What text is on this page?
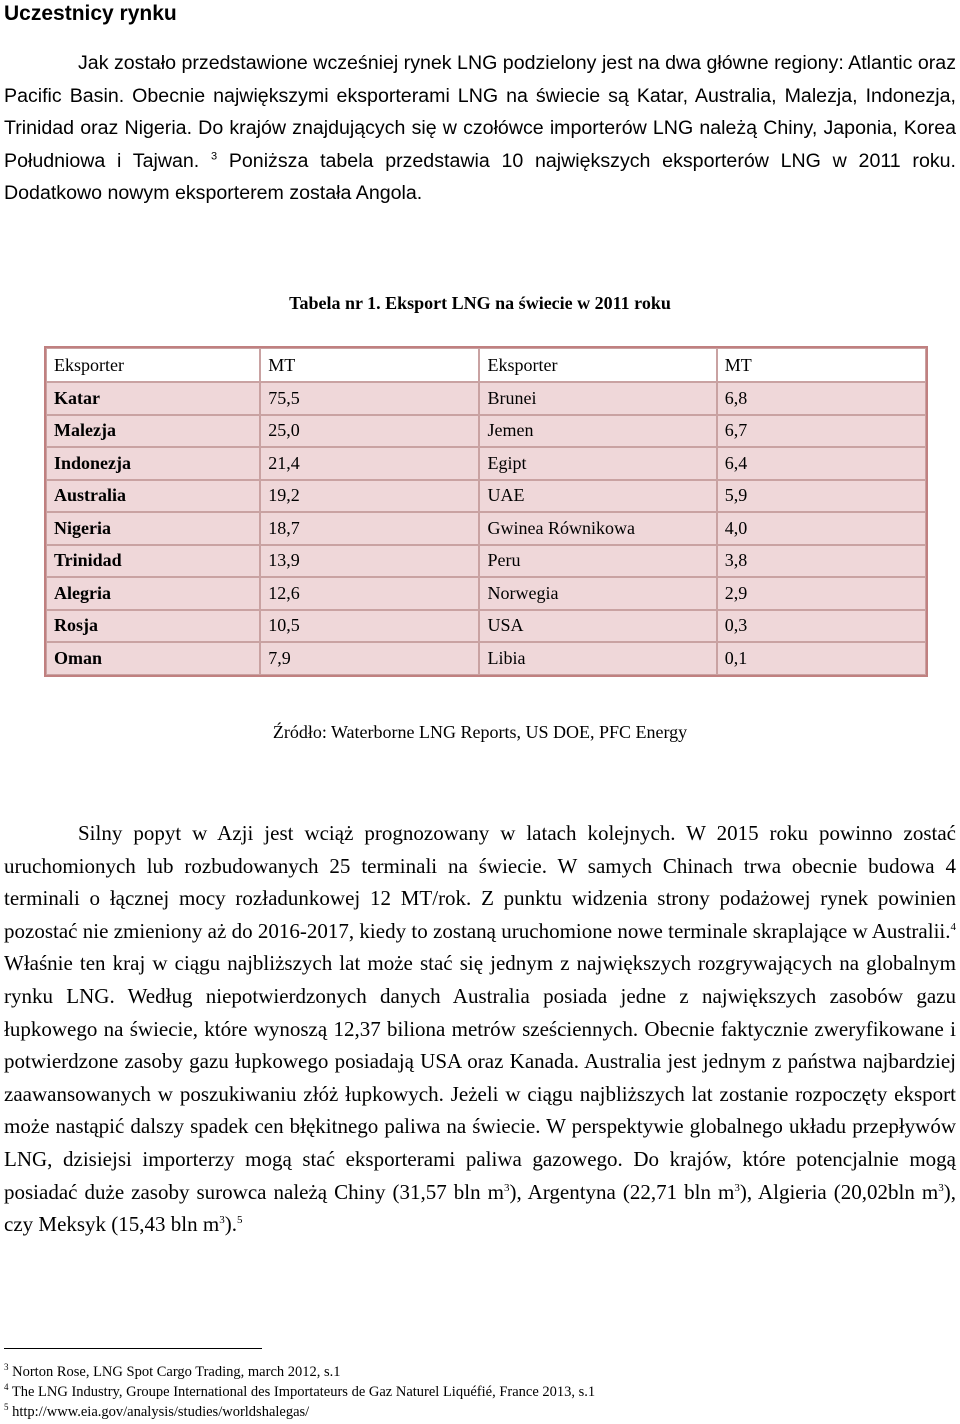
Uczestnicy rynku

Jak zostało przedstawione wcześniej rynek LNG podzielony jest na dwa główne regiony: Atlantic oraz Pacific Basin. Obecnie największymi eksporterami LNG na świecie są Katar, Australia, Malezja, Indonezja, Trinidad oraz Nigeria. Do krajów znajdujących się w czołówce importerów LNG należą Chiny, Japonia, Korea Południowa i Tajwan. $^3$ Poniższa tabela przedstawia 10 największych eksporterów LNG w 2011 roku. Dodatkowo nowym eksporterem została Angola.

Tabela nr 1. Eksport LNG na świecie w 2011 roku
Eksporter	MT	Eksporter	MT
Katar	75,5	Brunei	6,8
Malezja	25,0	Jemen	6,7
Indonezja	21,4	Egipt	6,4
Australia	19,2	UAE	5,9
Nigeria	18,7	Gwinea Równikowa	4,0
Trinidad	13,9	Peru	3,8
Alegria	12,6	Norwegia	2,9
Rosja	10,5	USA	0,3
Oman	7,9	Libia	0,1
Źródło: Waterborne LNG Reports, US DOE, PFC Energy

Silny popyt w Azji jest wciąż prognozowany w latach kolejnych. W 2015 roku powinno zostać uruchomionych lub rozbudowanych 25 terminali na świecie. W samych Chinach trwa obecnie budowa 4 terminali o łącznej mocy rozładunkowej 12 MT/rok. Z punktu widzenia strony podażowej rynek powinien pozostać nie zmieniony aż do 2016-2017, kiedy to zostaną uruchomione nowe terminale skraplające w Australii.$^4$ Właśnie ten kraj w ciągu najbliższych lat może stać się jednym z największych rozgrywających na globalnym rynku LNG. Według niepotwierdzonych danych Australia posiada jedne z największych zasobów gazu łupkowego na świecie, które wynoszą 12,37 biliona metrów sześciennych. Obecnie faktycznie zweryfikowane i potwierdzone zasoby gazu łupkowego posiadają USA oraz Kanada. Australia jest jednym z państwa najbardziej zaawansowanych w poszukiwaniu złóż łupkowych. Jeżeli w ciągu najbliższych lat zostanie rozpoczęty eksport może nastąpić dalszy spadek cen błękitnego paliwa na świecie. W perspektywie globalnego układu przepływów LNG, dzisiejsi importerzy mogą stać eksporterami paliwa gazowego. Do krajów, które potencjalnie mogą posiadać duże zasoby surowca należą Chiny (31,57 bln $m^3$), Argentyna (22,71 bln $m^3$), Algieria (20,02bln $m^3$), czy Meksyk (15,43 bln $m^3).^5$

$^3$ Norton Rose, LNG Spot Cargo Trading, march 2012, s.1
$^4$ The LNG Industry, Groupe International des Importateurs de Gaz Naturel Liquéfié, France 2013, s.1
$^5$ http://www.eia.gov/analysis/studies/worldshalegas/
